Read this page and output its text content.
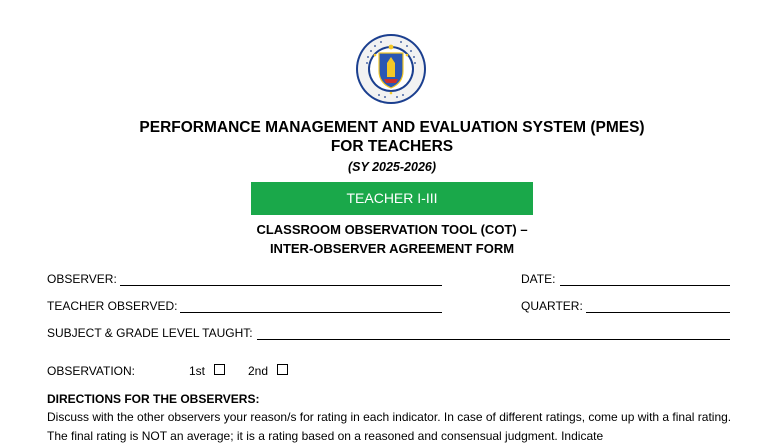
PERFORMANCE MANAGEMENT AND EVALUATION SYSTEM (PMES)
FOR TEACHERS
(SY 2025-2026)
TEACHER I-III
CLASSROOM OBSERVATION TOOL (COT) –
INTER-OBSERVER AGREEMENT FORM
OBSERVER:	DATE:
TEACHER OBSERVED:	QUARTER:
SUBJECT & GRADE LEVEL TAUGHT:
OBSERVATION:	1st	2nd
DIRECTIONS FOR THE OBSERVERS:
Discuss with the other observers your reason/s for rating in each indicator. In case of different ratings, come up with a final rating. The final rating is NOT an average; it is a rating based on a reasoned and consensual judgment. Indicate
